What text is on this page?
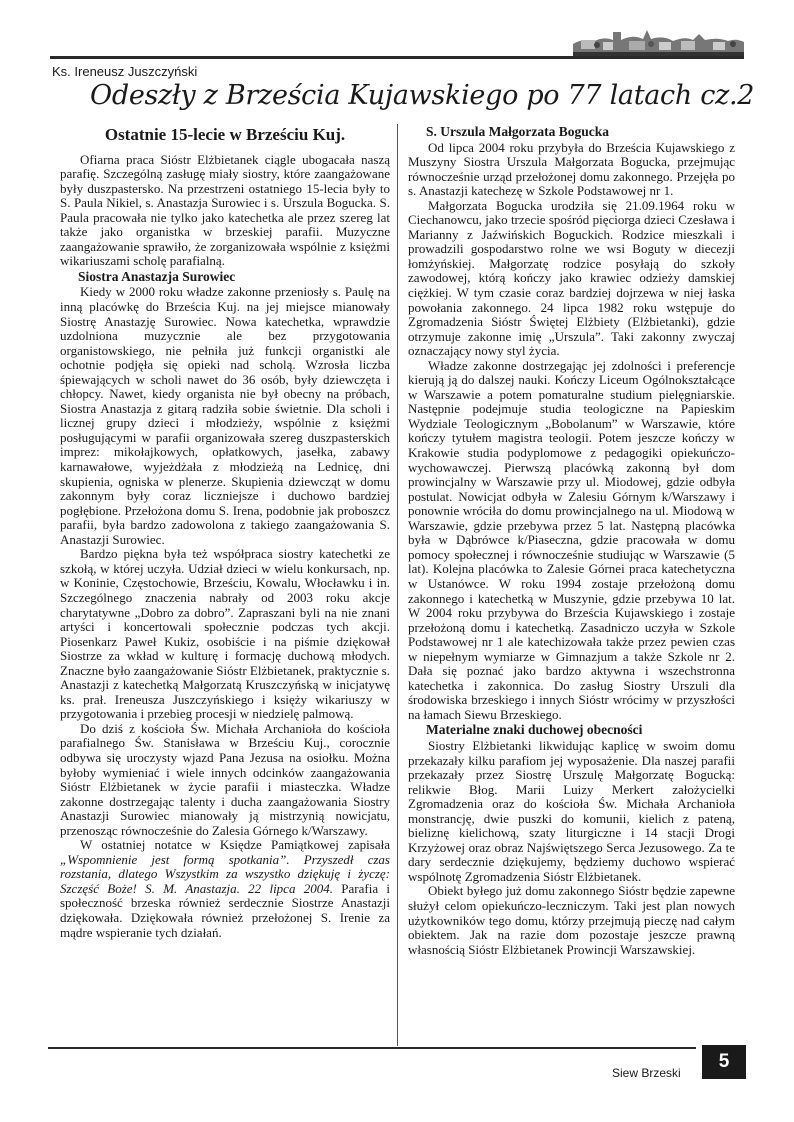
Ks. Ireneusz Juszczyński
Odeszły z Brześcia Kujawskiego po 77 latach cz.2
Ostatnie 15-lecie w Brześciu Kuj.

Ofiarna praca Sióstr Elżbietanek ciągle ubogacała naszą parafię. Szczególną zasługę miały siostry, które zaangażowane były duszpastersko. Na przestrzeni ostatniego 15-lecia były to S. Paula Nikiel, s. Anastazja Surowiec i s. Urszula Bogucka. S. Paula pracowała nie tylko jako katechetka ale przez szereg lat także jako organistka w brzeskiej parafii. Muzyczne zaangażowanie sprawiło, że zorganizowała wspólnie z księżmi wikariuszami scholę parafialną.

Siostra Anastazja Surowiec

Kiedy w 2000 roku władze zakonne przeniosły s. Paulę na inną placówkę do Brześcia Kuj. na jej miejsce mianowały Siostrę Anastazję Surowiec. Nowa katechetka, wprawdzie uzdolniona muzycznie ale bez przygotowania organistowskiego, nie pełniła już funkcji organistki ale ochotnie podjęła się opieki nad scholą. Wzrosła liczba śpiewających w scholi nawet do 36 osób, były dziewczęta i chłopcy. Nawet, kiedy organista nie był obecny na próbach, Siostra Anastazja z gitarą radziła sobie świetnie. Dla scholi i licznej grupy dzieci i młodzieży, wspólnie z księżmi posługującymi w parafii organizowała szereg duszpasterskich imprez: mikołajkowych, opłatkowych, jasełka, zabawy karnawałowe, wyjeżdżała z młodzieżą na Lednicę, dni skupienia, ogniska w plenerze. Skupienia dziewcząt w domu zakonnym były coraz liczniejsze i duchowo bardziej pogłębione. Przełożona domu S. Irena, podobnie jak proboszcz parafii, była bardzo zadowolona z takiego zaangażowania S. Anastazji Surowiec.

Bardzo piękna była też współpraca siostry katechetki ze szkołą, w której uczyła. Udział dzieci w wielu konkursach, np. w Koninie, Częstochowie, Brześciu, Kowalu, Włocławku i in. Szczególnego znaczenia nabrały od 2003 roku akcje charytatywne „Dobro za dobro”. Zapraszani byli na nie znani artyści i koncertowali społecznie podczas tych akcji. Piosenkarz Paweł Kukiz, osobiście i na piśmie dziękował Siostrze za wkład w kulturę i formację duchową młodych. Znaczne było zaangażowanie Sióstr Elżbietanek, praktycznie s. Anastazji z katechetką Małgorzatą Kruszczyńską w inicjatywę ks. prał. Ireneusza Juszczyńskiego i księży wikariuszy w przygotowania i przebieg procesji w niedzielę palmową.

Do dziś z kościoła Św. Michała Archanioła do kościoła parafialnego Św. Stanisława w Brześciu Kuj., corocznie odbywa się uroczysty wjazd Pana Jezusa na osiołku. Można byłoby wymieniać i wiele innych odcinków zaangażowania Sióstr Elżbietanek w życie parafii i miasteczka. Władze zakonne dostrzegając talenty i ducha zaangażowania Siostry Anastazji Surowiec mianowały ją mistrzynią nowicjatu, przenosząc równocześnie do Zalesia Górnego k/Warszawy.

W ostatniej notatce w Księdze Pamiątkowej zapisała „Wspomnienie jest formą spotkania”. Przyszedł czas rozstania, dlatego Wszystkim za wszystko dziękuję i życzę: Szczęść Boże! S. M. Anastazja. 22 lipca 2004. Parafia i społeczność brzeska również serdecznie Siostrze Anastazji dziękowała. Dziękowała również przełożonej S. Irenie za mądre wspieranie tych działań.

S. Urszula Małgorzata Bogucka

Od lipca 2004 roku przybyła do Brześcia Kujawskiego z Muszyny Siostra Urszula Małgorzata Bogucka, przejmując równocześnie urząd przełożonej domu zakonnego. Przejęła po s. Anastazji katechezę w Szkole Podstawowej nr 1.

Małgorzata Bogucka urodziła się 21.09.1964 roku w Ciechanowcu, jako trzecie spośród pięciorga dzieci Czesława i Marianny z Jaźwińskich Boguckich. Rodzice mieszkali i prowadzili gospodarstwo rolne we wsi Boguty w diecezji łomżyńskiej. Małgorzatę rodzice posyłają do szkoły zawodowej, którą kończy jako krawiec odzieży damskiej ciężkiej. W tym czasie coraz bardziej dojrzewa w niej łaska powołania zakonnego. 24 lipca 1982 roku wstępuje do Zgromadzenia Sióstr Świętej Elżbiety (Elżbietanki), gdzie otrzymuje zakonne imię „Urszula”. Taki zakonny zwyczaj oznaczający nowy styl życia.

Władze zakonne dostrzegając jej zdolności i preferencje kierują ją do dalszej nauki. Kończy Liceum Ogólnokształcące w Warszawie a potem pomaturalne studium pielęgniarskie. Następnie podejmuje studia teologiczne na Papieskim Wydziale Teologicznym „Bobolanum” w Warszawie, które kończy tytułem magistra teologii. Potem jeszcze kończy w Krakowie studia podyplomowe z pedagogiki opiekuńczo-wychowawczej. Pierwszą placówką zakonną był dom prowincjalny w Warszawie przy ul. Miodowej, gdzie odbyła postulat. Nowicjat odbyła w Zalesiu Górnym k/Warszawy i ponownie wróciła do domu prowincjalnego na ul. Miodową w Warszawie, gdzie przebywa przez 5 lat. Następną placówka była w Dąbrówce k/Piaseczna, gdzie pracowała w domu pomocy społecznej i równocześnie studiując w Warszawie (5 lat). Kolejna placówka to Zalesie Górnei praca katechetyczna w Ustanówce. W roku 1994 zostaje przełożoną domu zakonnego i katechetką w Muszynie, gdzie przebywa 10 lat. W 2004 roku przybywa do Brześcia Kujawskiego i zostaje przełożoną domu i katechetką. Zasadniczo uczyła w Szkole Podstawowej nr 1 ale katechizowała także przez pewien czas w niepełnym wymiarze w Gimnazjum a także Szkole nr 2. Dała się poznać jako bardzo aktywna i wszechstronna katechetka i zakonnica. Do zasług Siostry Urszuli dla środowiska brzeskiego i innych Sióstr wrócimy w przyszłości na łamach Siewu Brzeskiego.

Materialne znaki duchowej obecności

Siostry Elżbietanki likwidując kaplicę w swoim domu przekazały kilku parafiom jej wyposażenie. Dla naszej parafii przekazały przez Siostrę Urszulę Małgorzatę Bogucką: relikwie Błog. Marii Luizy Merkert założycielki Zgromadzenia oraz do kościoła Św. Michała Archanioła monstrancję, dwie puszki do komunii, kielich z pateną, bieliznę kielichową, szaty liturgiczne i 14 stacji Drogi Krzyżowej oraz obraz Najświętszego Serca Jezusowego. Za te dary serdecznie dziękujemy, będziemy duchowo wspierać wspólnotę Zgromadzenia Sióstr Elżbietanek.

Obiekt byłego już domu zakonnego Sióstr będzie zapewne służył celom opiekuńczo-leczniczym. Taki jest plan nowych użytkowników tego domu, którzy przejmują pieczę nad całym obiektem. Jak na razie dom pozostaje jeszcze prawną własnością Sióstr Elżbietanek Prowincji Warszawskiej.

Siew Brzeski
5
